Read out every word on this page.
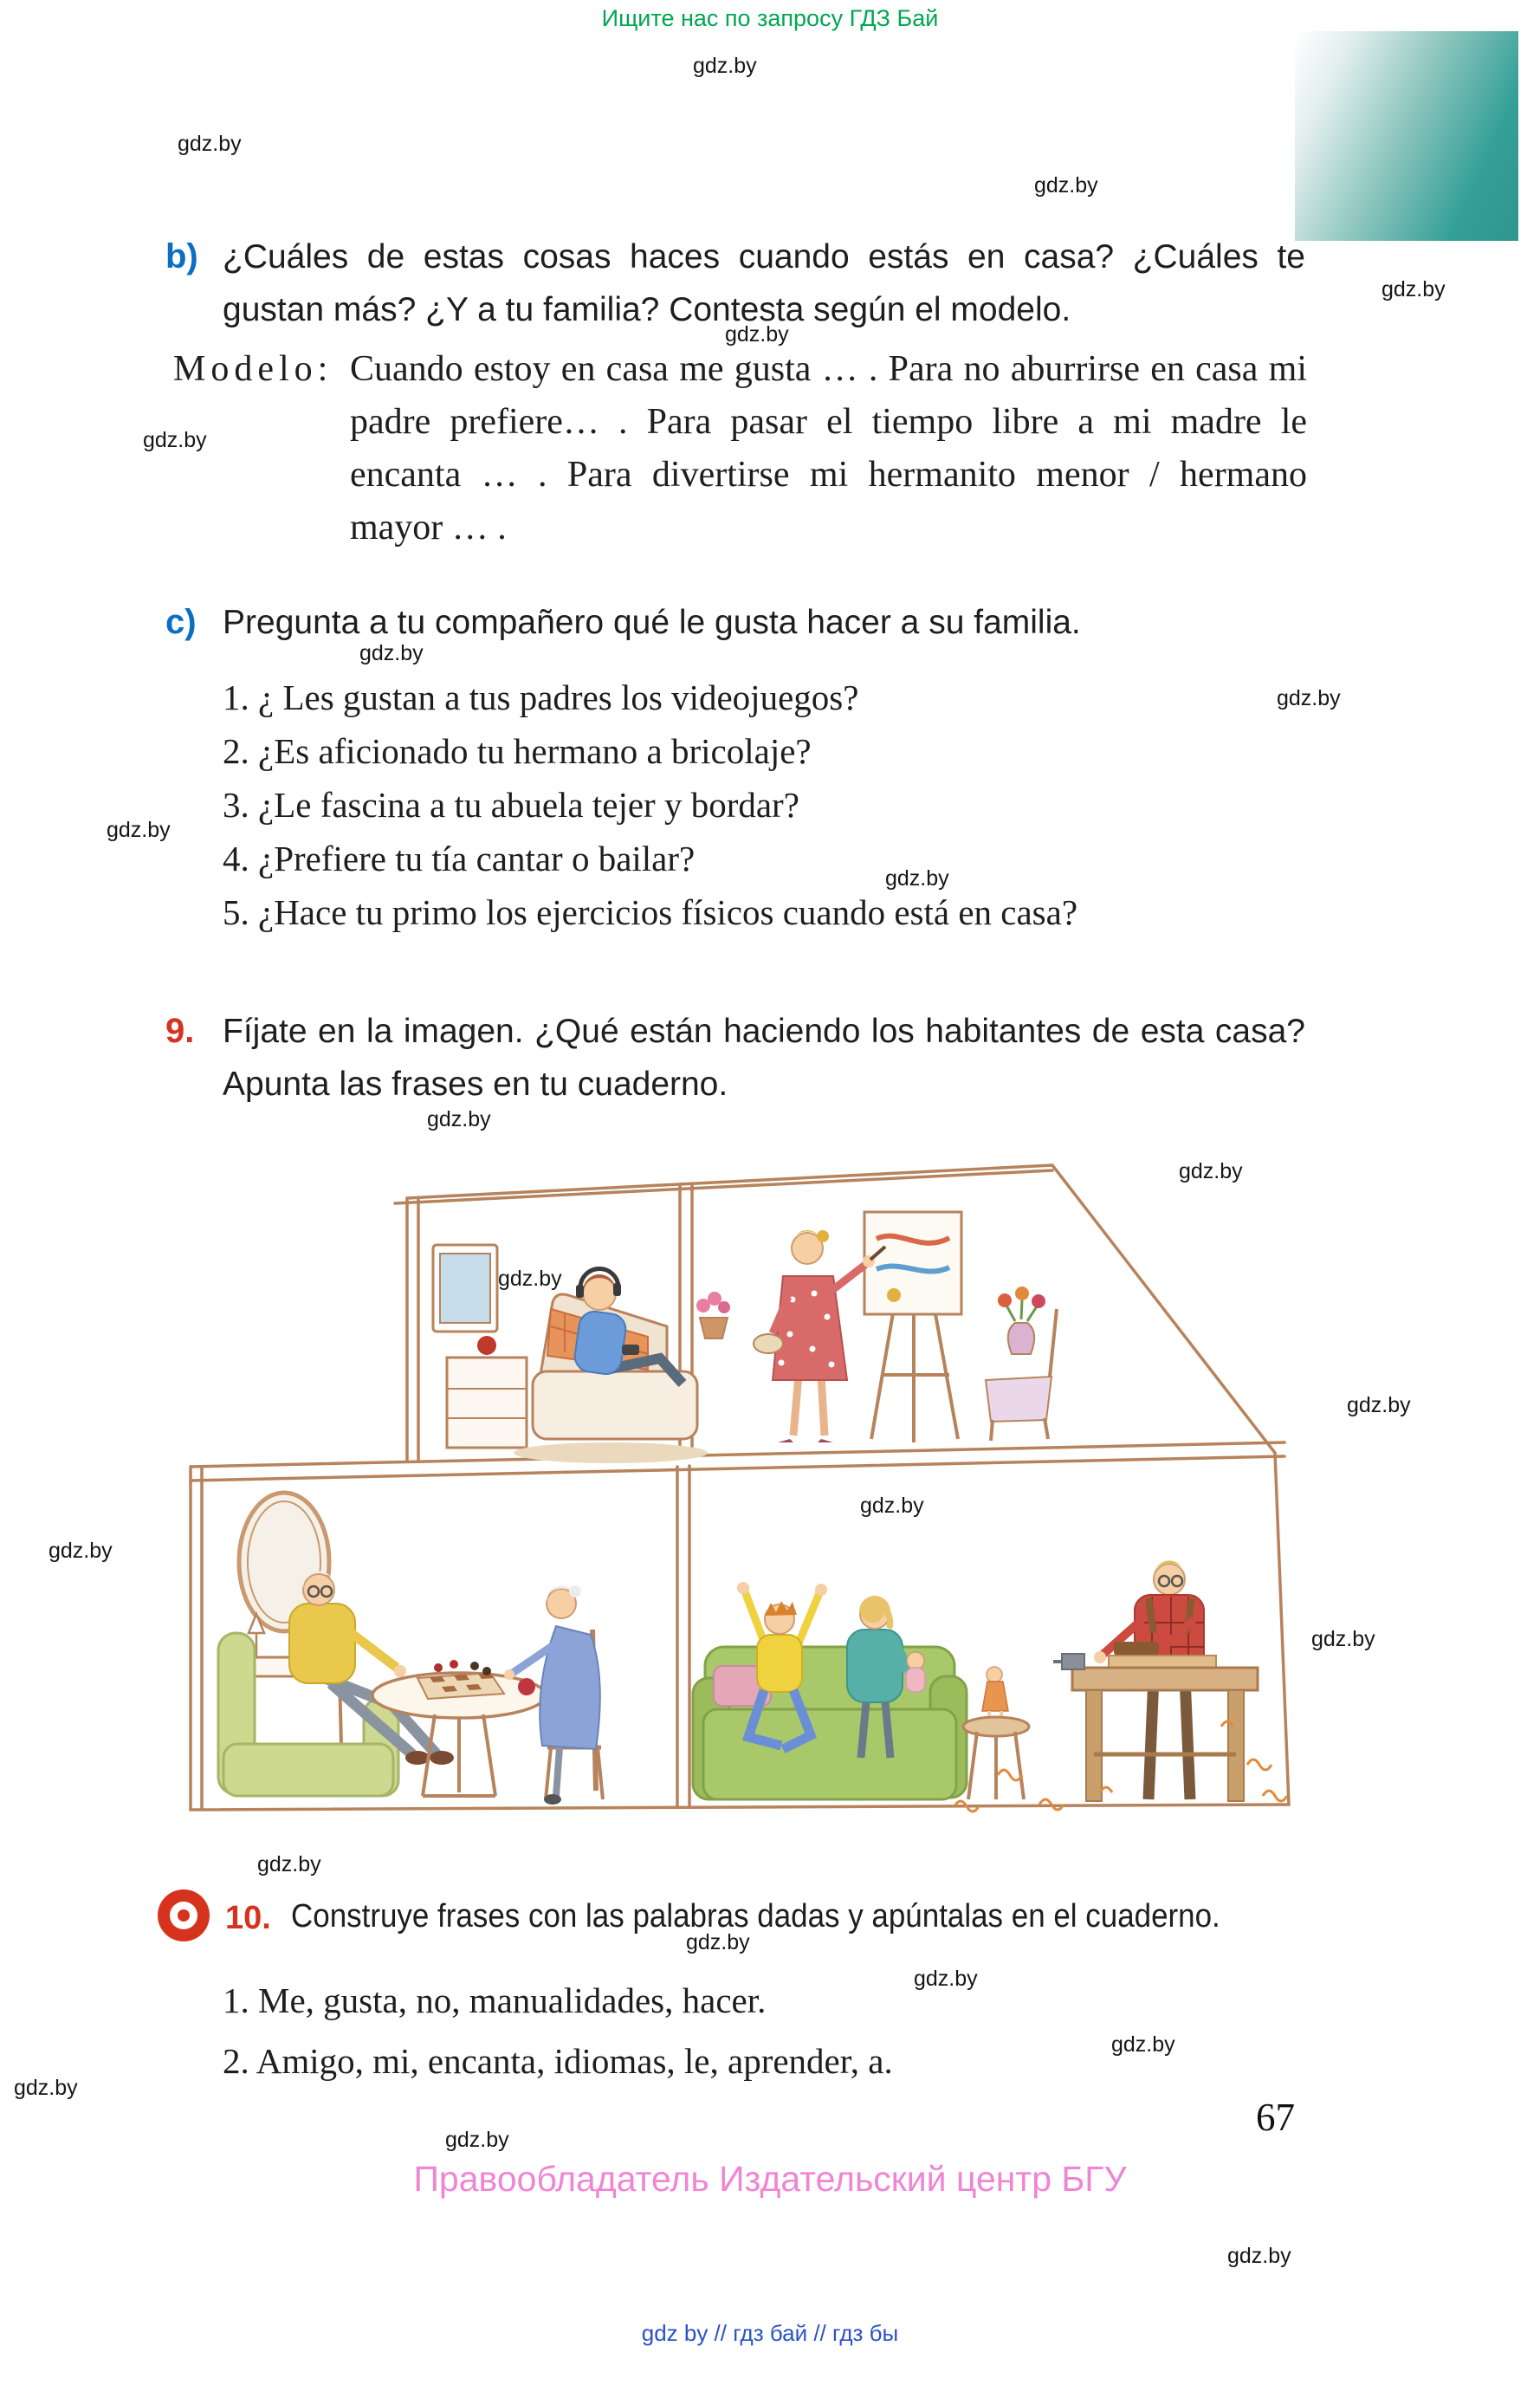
gdz.by
gdz.by
gdz.by
gdz.by
gdz.by
gdz.by
gdz.by
gdz.by
gdz.by
gdz.by
gdz.by
gdz.by
gdz.by
gdz.by
gdz.by
gdz.by
gdz.by
gdz.by
gdz.by
gdz.by
gdz.by
gdz.by
gdz.by
gdz.by
Ищите нас по запросу ГДЗ Бай
b) ¿Cuáles de estas cosas haces cuando estás en casa? ¿Cuáles te gustan más? ¿Y a tu familia? Contesta según el modelo.
Modelo: Cuando estoy en casa me gusta … . Para no aburrirse en casa mi padre prefiere… . Para pasar el tiempo libre a mi madre le encanta … . Para divertirse mi hermanito menor / hermano mayor … .
c) Pregunta a tu compañero qué le gusta hacer a su familia.
1. ¿ Les gustan a tus padres los videojuegos?
2. ¿Es aficionado tu hermano a bricolaje?
3. ¿Le fascina a tu abuela tejer y bordar?
4. ¿Prefiere tu tía cantar o bailar?
5. ¿Hace tu primo los ejercicios físicos cuando está en casa?
9. Fíjate en la imagen. ¿Qué están haciendo los habitantes de esta casa? Apunta las frases en tu cuaderno.
10. Construye frases con las palabras dadas y apúntalas en el cuaderno.
1. Me, gusta, no, manualidades, hacer.
2. Amigo, mi, encanta, idiomas, le, aprender, a.
67
Правообладатель Издательский центр БГУ
gdz by // гдз бай // гдз бы
